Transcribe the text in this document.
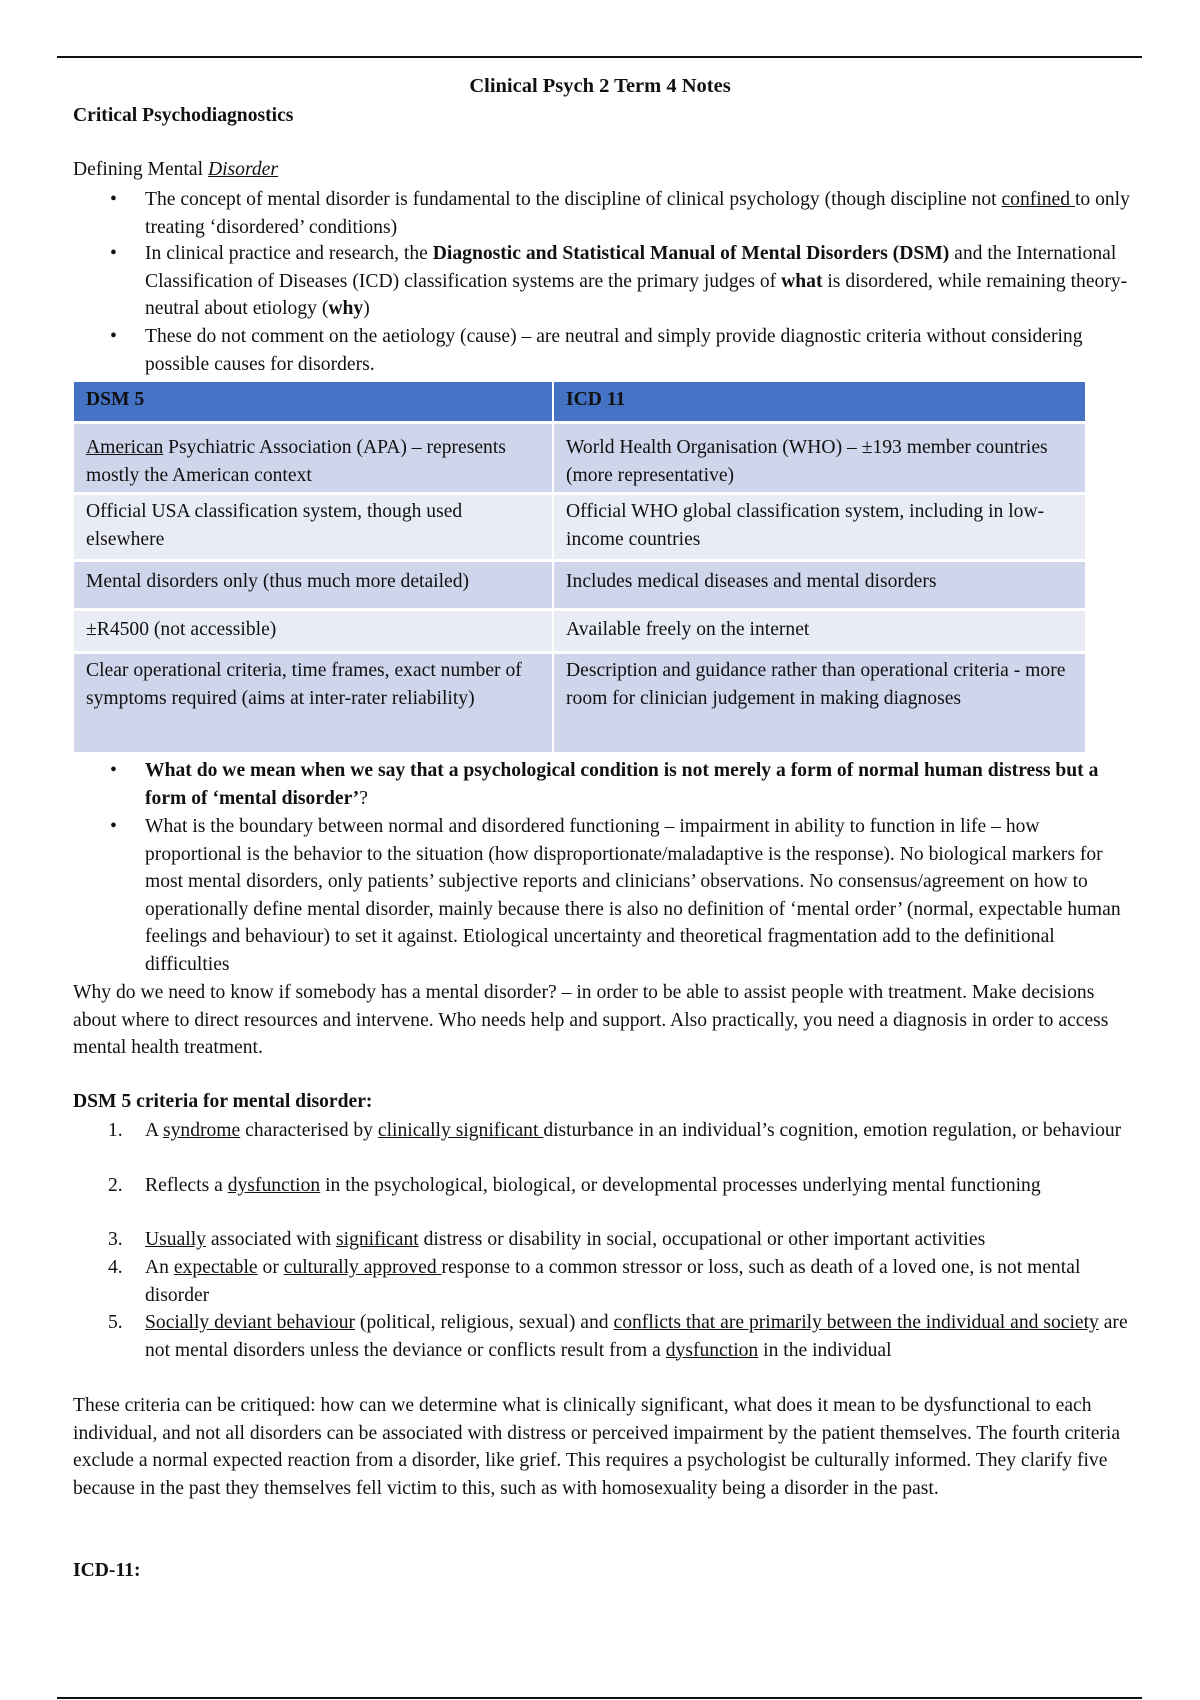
Clinical Psych 2 Term 4 Notes
Critical Psychodiagnostics
Defining Mental Disorder
• The concept of mental disorder is fundamental to the discipline of clinical psychology (though discipline not confined to only treating ‘disordered’ conditions)
• In clinical practice and research, the Diagnostic and Statistical Manual of Mental Disorders (DSM) and the International Classification of Diseases (ICD) classification systems are the primary judges of what is disordered, while remaining theory-neutral about etiology (why)
• These do not comment on the aetiology (cause) – are neutral and simply provide diagnostic criteria without considering possible causes for disorders.
DSM 5	ICD 11
American Psychiatric Association (APA) – represents mostly the American context	World Health Organisation (WHO) – ±193 member countries (more representative)
Official USA classification system, though used elsewhere	Official WHO global classification system, including in low-income countries
Mental disorders only (thus much more detailed)	Includes medical diseases and mental disorders
±R4500 (not accessible)	Available freely on the internet
Clear operational criteria, time frames, exact number of symptoms required (aims at inter-rater reliability)	Description and guidance rather than operational criteria - more room for clinician judgement in making diagnoses
• What do we mean when we say that a psychological condition is not merely a form of normal human distress but a form of ‘mental disorder’?
• What is the boundary between normal and disordered functioning – impairment in ability to function in life – how proportional is the behavior to the situation (how disproportionate/maladaptive is the response). No biological markers for most mental disorders, only patients’ subjective reports and clinicians’ observations. No consensus/agreement on how to operationally define mental disorder, mainly because there is also no definition of ‘mental order’ (normal, expectable human feelings and behaviour) to set it against. Etiological uncertainty and theoretical fragmentation add to the definitional difficulties
Why do we need to know if somebody has a mental disorder? – in order to be able to assist people with treatment. Make decisions about where to direct resources and intervene. Who needs help and support. Also practically, you need a diagnosis in order to access mental health treatment.
DSM 5 criteria for mental disorder:
1. A syndrome characterised by clinically significant disturbance in an individual’s cognition, emotion regulation, or behaviour
2. Reflects a dysfunction in the psychological, biological, or developmental processes underlying mental functioning
3. Usually associated with significant distress or disability in social, occupational or other important activities
4. An expectable or culturally approved response to a common stressor or loss, such as death of a loved one, is not mental disorder
5. Socially deviant behaviour (political, religious, sexual) and conflicts that are primarily between the individual and society are not mental disorders unless the deviance or conflicts result from a dysfunction in the individual
These criteria can be critiqued: how can we determine what is clinically significant, what does it mean to be dysfunctional to each individual, and not all disorders can be associated with distress or perceived impairment by the patient themselves. The fourth criteria exclude a normal expected reaction from a disorder, like grief. This requires a psychologist be culturally informed. They clarify five because in the past they themselves fell victim to this, such as with homosexuality being a disorder in the past.
ICD-11:
